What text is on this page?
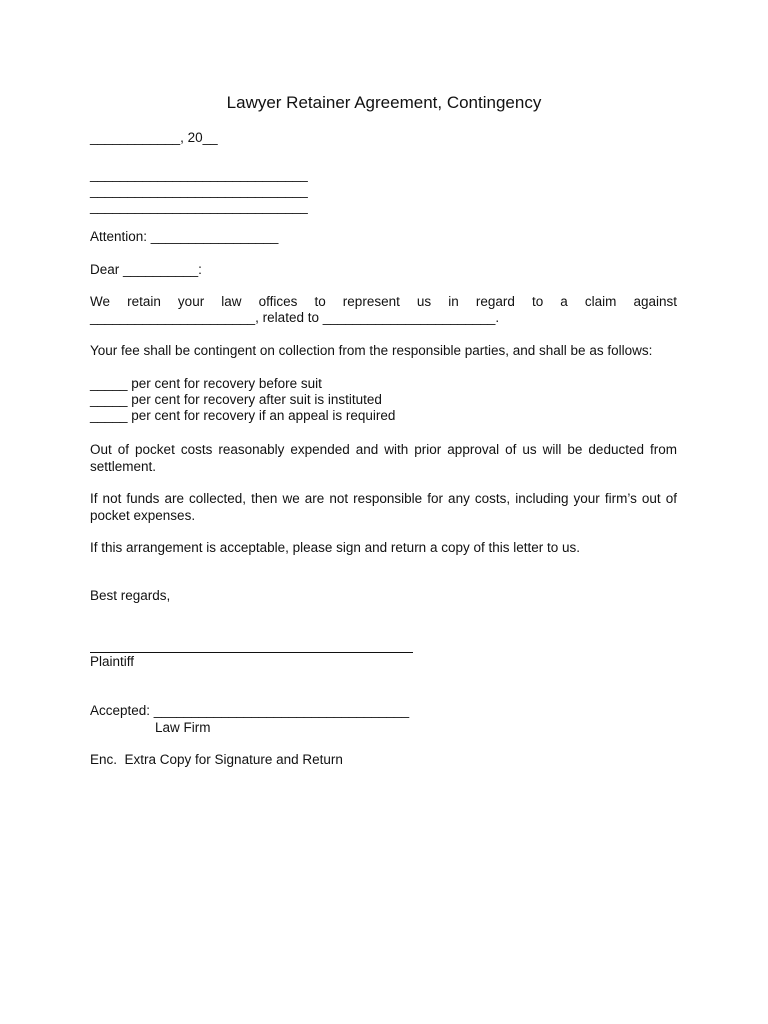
Lawyer Retainer Agreement, Contingency

____________, 20__

_____________________________

_____________________________

_____________________________

Attention: _________________

Dear __________:

We retain your law offices to represent us in regard to a claim against

______________________, related to _______________________.

Your fee shall be contingent on collection from the responsible parties, and shall be as follows:

_____ per cent for recovery before suit

_____ per cent for recovery after suit is instituted

_____ per cent for recovery if an appeal is required

Out of pocket costs reasonably expended and with prior approval of us will be deducted from settlement.

If not funds are collected, then we are not responsible for any costs, including your firm’s out of pocket expenses.

If this arrangement is acceptable, please sign and return a copy of this letter to us.

Best regards,

Plaintiff

Accepted: __________________________________

Law Firm

Enc.  Extra Copy for Signature and Return
